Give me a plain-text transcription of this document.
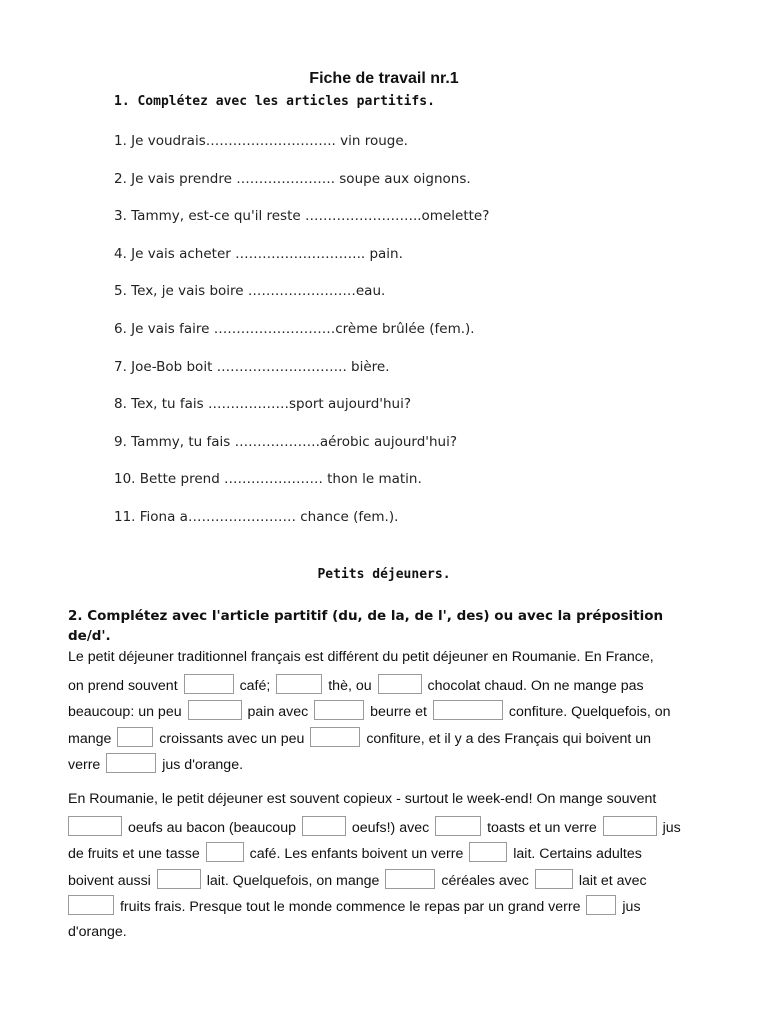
Fiche de travail nr.1
1. Complétez avec les articles partitifs.
1. Je voudrais……………………….. vin rouge.
2. Je vais prendre …………………. soupe aux oignons.
3. Tammy, est-ce qu'il reste ……………………..omelette?
4. Je vais acheter ……………………….. pain.
5. Tex, je vais boire ……………………eau.
6. Je vais faire ………………………crème brûlée (fem.).
7. Joe-Bob boit ……………………….. bière.
8. Tex, tu fais ………………sport aujourd'hui?
9. Tammy, tu fais ……………….aérobic aujourd'hui?
10. Bette prend …………………. thon le matin.
11. Fiona a…………………… chance (fem.).
Petits déjeuners.
2. Complétez avec l'article partitif (du, de la, de l', des) ou avec la préposition de/d'.
Le petit déjeuner traditionnel français est différent du petit déjeuner en Roumanie. En France,
on prend souvent	café;	thè, ou	chocolat chaud. On ne mange pas
beaucoup: un peu	pain avec	beurre et	confiture. Quelquefois, on
mange	croissants avec un peu	confiture, et il y a des Français qui boivent un
verre	jus d'orange.
En Roumanie, le petit déjeuner est souvent copieux - surtout le week-end! On mange souvent
oeufs au bacon (beaucoup	oeufs!) avec	toasts et un verre	jus
de fruits et une tasse	café. Les enfants boivent un verre	lait. Certains adultes
boivent aussi	lait. Quelquefois, on mange	céréales avec	lait et avec
fruits frais. Presque tout le monde commence le repas par un grand verre	jus
d'orange.
